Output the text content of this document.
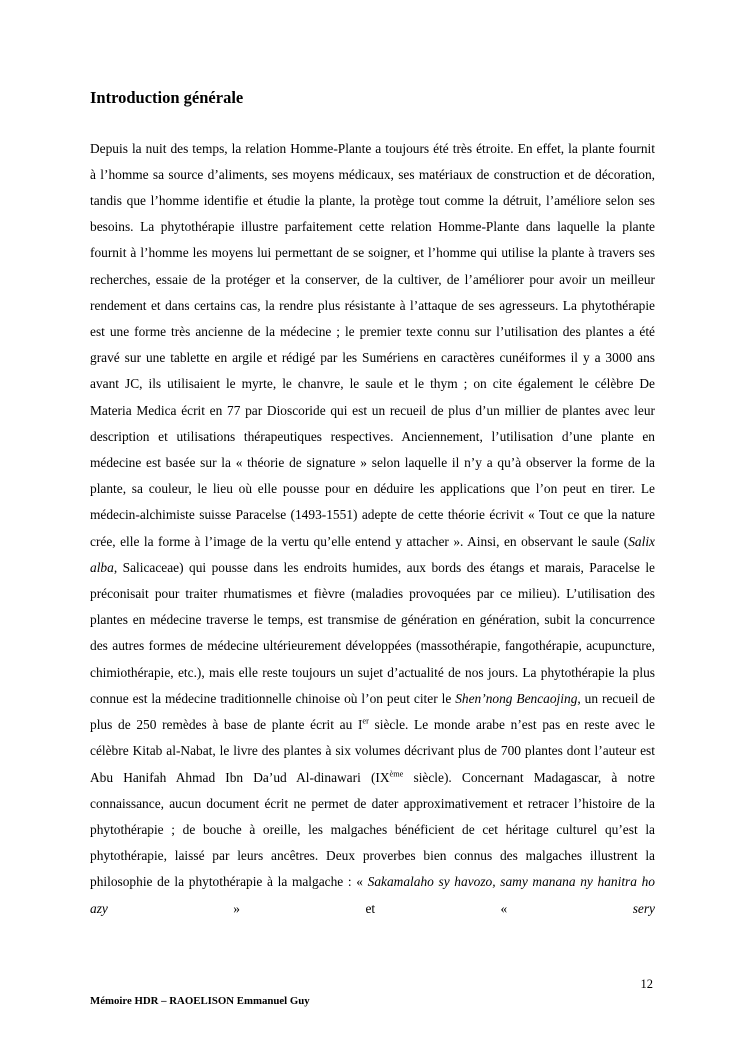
Introduction générale

Depuis la nuit des temps, la relation Homme-Plante a toujours été très étroite. En effet, la plante fournit à l’homme sa source d’aliments, ses moyens médicaux, ses matériaux de construction et de décoration, tandis que l’homme identifie et étudie la plante, la protège tout comme la détruit, l’améliore selon ses besoins. La phytothérapie illustre parfaitement cette relation Homme-Plante dans laquelle la plante fournit à l’homme les moyens lui permettant de se soigner, et l’homme qui utilise la plante à travers ses recherches, essaie de la protéger et la conserver, de la cultiver, de l’améliorer pour avoir un meilleur rendement et dans certains cas, la rendre plus résistante à l’attaque de ses agresseurs. La phytothérapie est une forme très ancienne de la médecine ; le premier texte connu sur l’utilisation des plantes a été gravé sur une tablette en argile et rédigé par les Sumériens en caractères cunéiformes il y a 3000 ans avant JC, ils utilisaient le myrte, le chanvre, le saule et le thym ; on cite également le célèbre De Materia Medica écrit en 77 par Dioscoride qui est un recueil de plus d’un millier de plantes avec leur description et utilisations thérapeutiques respectives. Anciennement, l’utilisation d’une plante en médecine est basée sur la « théorie de signature » selon laquelle il n’y a qu’à observer la forme de la plante, sa couleur, le lieu où elle pousse pour en déduire les applications que l’on peut en tirer. Le médecin-alchimiste suisse Paracelse (1493-1551) adepte de cette théorie écrivit « Tout ce que la nature crée, elle la forme à l’image de la vertu qu’elle entend y attacher ». Ainsi, en observant le saule (Salix alba, Salicaceae) qui pousse dans les endroits humides, aux bords des étangs et marais, Paracelse le préconisait pour traiter rhumatismes et fièvre (maladies provoquées par ce milieu). L’utilisation des plantes en médecine traverse le temps, est transmise de génération en génération, subit la concurrence des autres formes de médecine ultérieurement développées (massothérapie, fangothérapie, acupuncture, chimiothérapie, etc.), mais elle reste toujours un sujet d’actualité de nos jours. La phytothérapie la plus connue est la médecine traditionnelle chinoise où l’on peut citer le Shen’nong Bencaojing, un recueil de plus de 250 remèdes à base de plante écrit au Ier siècle. Le monde arabe n’est pas en reste avec le célèbre Kitab al-Nabat, le livre des plantes à six volumes décrivant plus de 700 plantes dont l’auteur est Abu Hanifah Ahmad Ibn Da’ud Al-dinawari (IXème siècle). Concernant Madagascar, à notre connaissance, aucun document écrit ne permet de dater approximativement et retracer l’histoire de la phytothérapie ; de bouche à oreille, les malgaches bénéficient de cet héritage culturel qu’est la phytothérapie, laissé par leurs ancêtres. Deux proverbes bien connus des malgaches illustrent la philosophie de la phytothérapie à la malgache : « Sakamalaho sy havozo, samy manana ny hanitra ho azy » et « sery

Mémoire HDR – RAOELISON Emmanuel Guy
12
